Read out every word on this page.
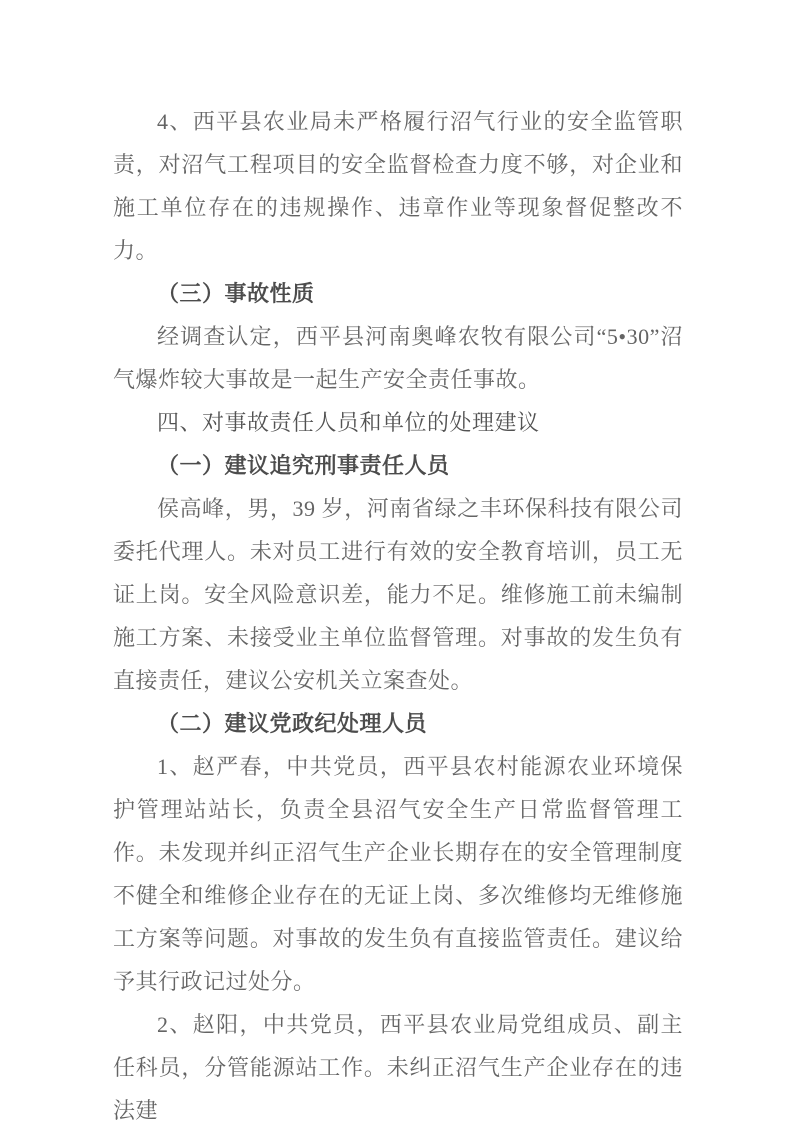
4、西平县农业局未严格履行沼气行业的安全监管职责，对沼气工程项目的安全监督检查力度不够，对企业和施工单位存在的违规操作、违章作业等现象督促整改不力。

（三）事故性质

经调查认定，西平县河南奥峰农牧有限公司“5•30”沼气爆炸较大事故是一起生产安全责任事故。

四、对事故责任人员和单位的处理建议
（一）建议追究刑事责任人员

侯高峰，男，39 岁，河南省绿之丰环保科技有限公司委托代理人。未对员工进行有效的安全教育培训，员工无证上岗。安全风险意识差，能力不足。维修施工前未编制施工方案、未接受业主单位监督管理。对事故的发生负有直接责任，建议公安机关立案查处。

（二）建议党政纪处理人员

1、赵严春，中共党员，西平县农村能源农业环境保护管理站站长，负责全县沼气安全生产日常监督管理工作。未发现并纠正沼气生产企业长期存在的安全管理制度不健全和维修企业存在的无证上岗、多次维修均无维修施工方案等问题。对事故的发生负有直接监管责任。建议给予其行政记过处分。

2、赵阳，中共党员，西平县农业局党组成员、副主任科员，分管能源站工作。未纠正沼气生产企业存在的违法建
